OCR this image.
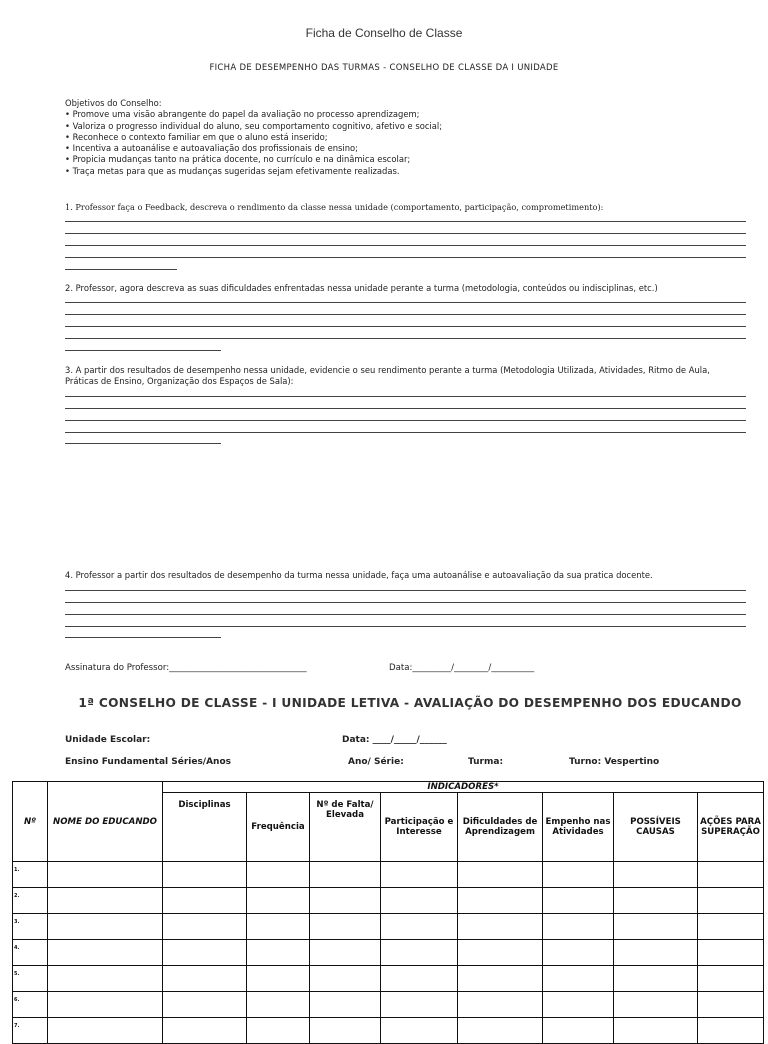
Ficha de Conselho de Classe
FICHA DE DESEMPENHO DAS TURMAS - CONSELHO DE CLASSE DA I UNIDADE
Objetivos do Conselho:
• Promove uma visão abrangente do papel da avaliação no processo aprendizagem;
• Valoriza o progresso individual do aluno, seu comportamento cognitivo, afetivo e social;
• Reconhece o contexto familiar em que o aluno está inserido;
• Incentiva a autoanálise e autoavaliação dos profissionais de ensino;
• Propicia mudanças tanto na prática docente, no currículo e na dinâmica escolar;
• Traça metas para que as mudanças sugeridas sejam efetivamente realizadas.
1. Professor faça o Feedback, descreva o rendimento da classe nessa unidade (comportamento, participação, comprometimento):
2. Professor, agora descreva as suas dificuldades enfrentadas nessa unidade perante a turma (metodologia, conteúdos ou indisciplinas, etc.)
3. A partir dos resultados de desempenho nessa unidade, evidencie o seu rendimento perante a turma (Metodologia Utilizada, Atividades, Ritmo de Aula, Práticas de Ensino, Organização dos Espaços de Sala):
4. Professor a partir dos resultados de desempenho da turma nessa unidade, faça uma autoanálise e autoavaliação da sua pratica docente.
Assinatura do Professor:________________________________	Data:_________/________/__________
1ª CONSELHO DE CLASSE - I UNIDADE LETIVA - AVALIAÇÃO DO DESEMPENHO DOS EDUCANDO
Unidade Escolar:	Data: ____/_____/______
Ensino Fundamental Séries/Anos	Ano/ Série:	Turma:	Turno: Vespertino
Nº	NOME DO EDUCANDO	INDICADORES*							
		Disciplinas	Frequência	Nº de Falta/ Elevada	Participação e Interesse	Dificuldades de Aprendizagem	Empenho nas Atividades	POSSÍVEIS CAUSAS	AÇÕES PARA SUPERAÇÃO
1.									
2.									
3.									
4.									
5.									
6.									
7.									
